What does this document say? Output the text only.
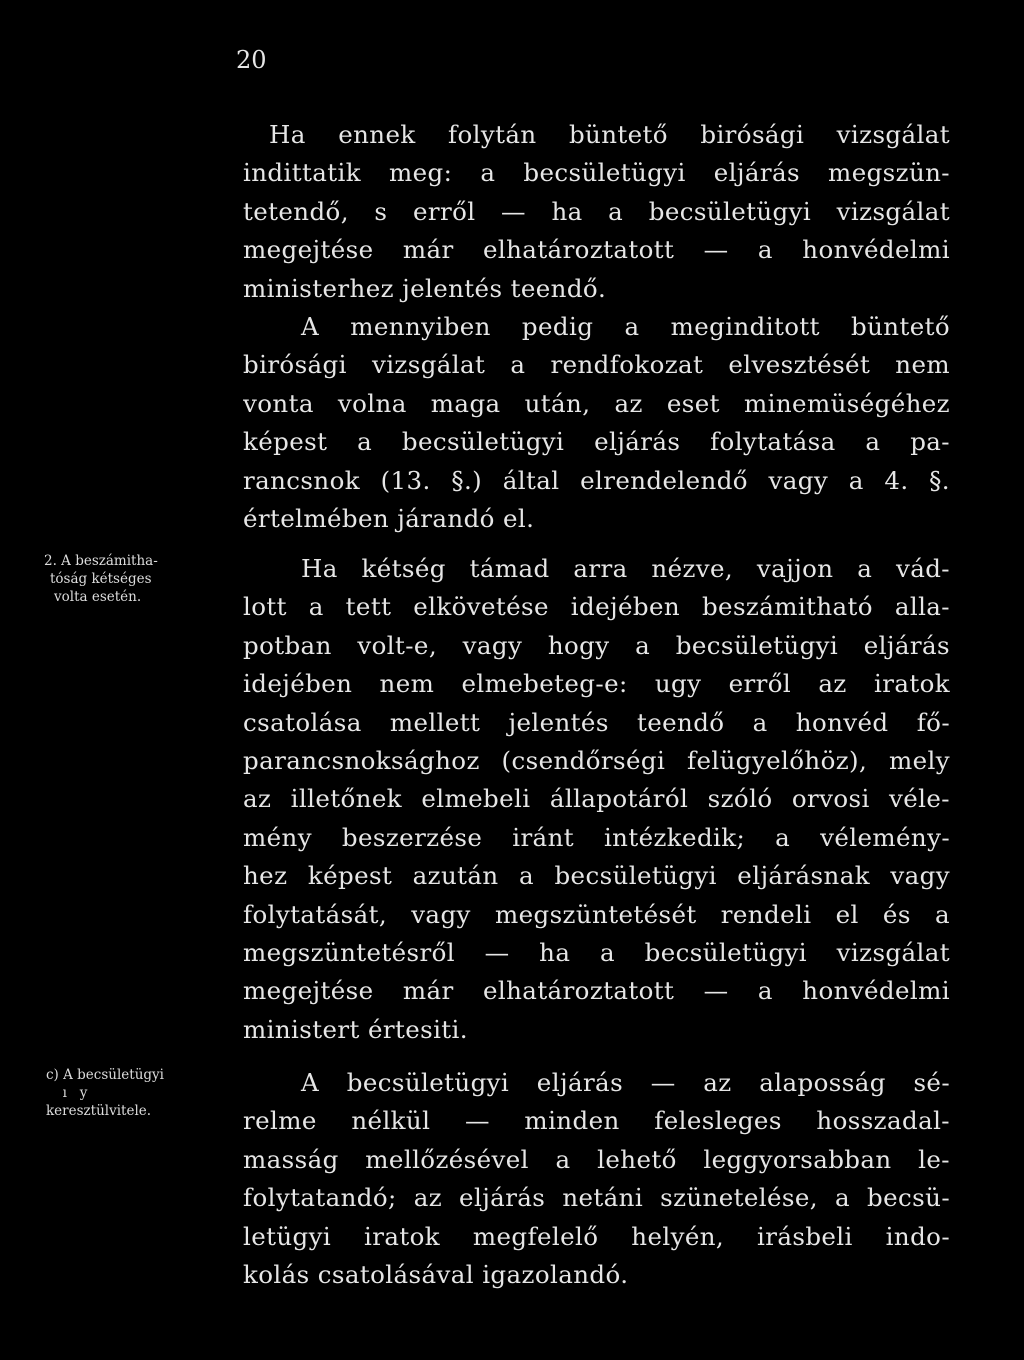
20
Ha ennek folytán büntető birósági vizsgálat
indittatik meg: a becsületügyi eljárás megszün-
tetendő, s erről — ha a becsületügyi vizsgálat
megejtése már elhatároztatott — a honvédelmi
ministerhez jelentés teendő.
A mennyiben pedig a meginditott büntető
birósági vizsgálat a rendfokozat elvesztését nem
vonta volna maga után, az eset minemüségéhez
képest a becsületügyi eljárás folytatása a pa-
rancsnok (13. §.) által elrendelendő vagy a 4. §.
értelmében járandó el.
2. A beszámitha-
tóság kétséges
volta esetén.
Ha kétség támad arra nézve, vajjon a vád-
lott a tett elkövetése idejében beszámitható alla-
potban volt-e, vagy hogy a becsületügyi eljárás
idejében nem elmebeteg-e: ugy erről az iratok
csatolása mellett jelentés teendő a honvéd fő-
parancsnoksághoz (csendőrségi felügyelőhöz), mely
az illetőnek elmebeli állapotáról szóló orvosi véle-
mény beszerzése iránt intézkedik; a vélemény-
hez képest azután a becsületügyi eljárásnak vagy
folytatását, vagy megszüntetését rendeli el és a
megszüntetésről — ha a becsületügyi vizsgálat
megejtése már elhatároztatott — a honvédelmi
ministert értesiti.
c) A becsületügyi
ı   y
keresztülvitele.
A becsületügyi eljárás — az alaposság sé-
relme nélkül — minden felesleges hosszadal-
masság mellőzésével a lehető leggyorsabban le-
folytatandó; az eljárás netáni szünetelése, a becsü-
letügyi iratok megfelelő helyén, irásbeli indo-
kolás csatolásával igazolandó.
